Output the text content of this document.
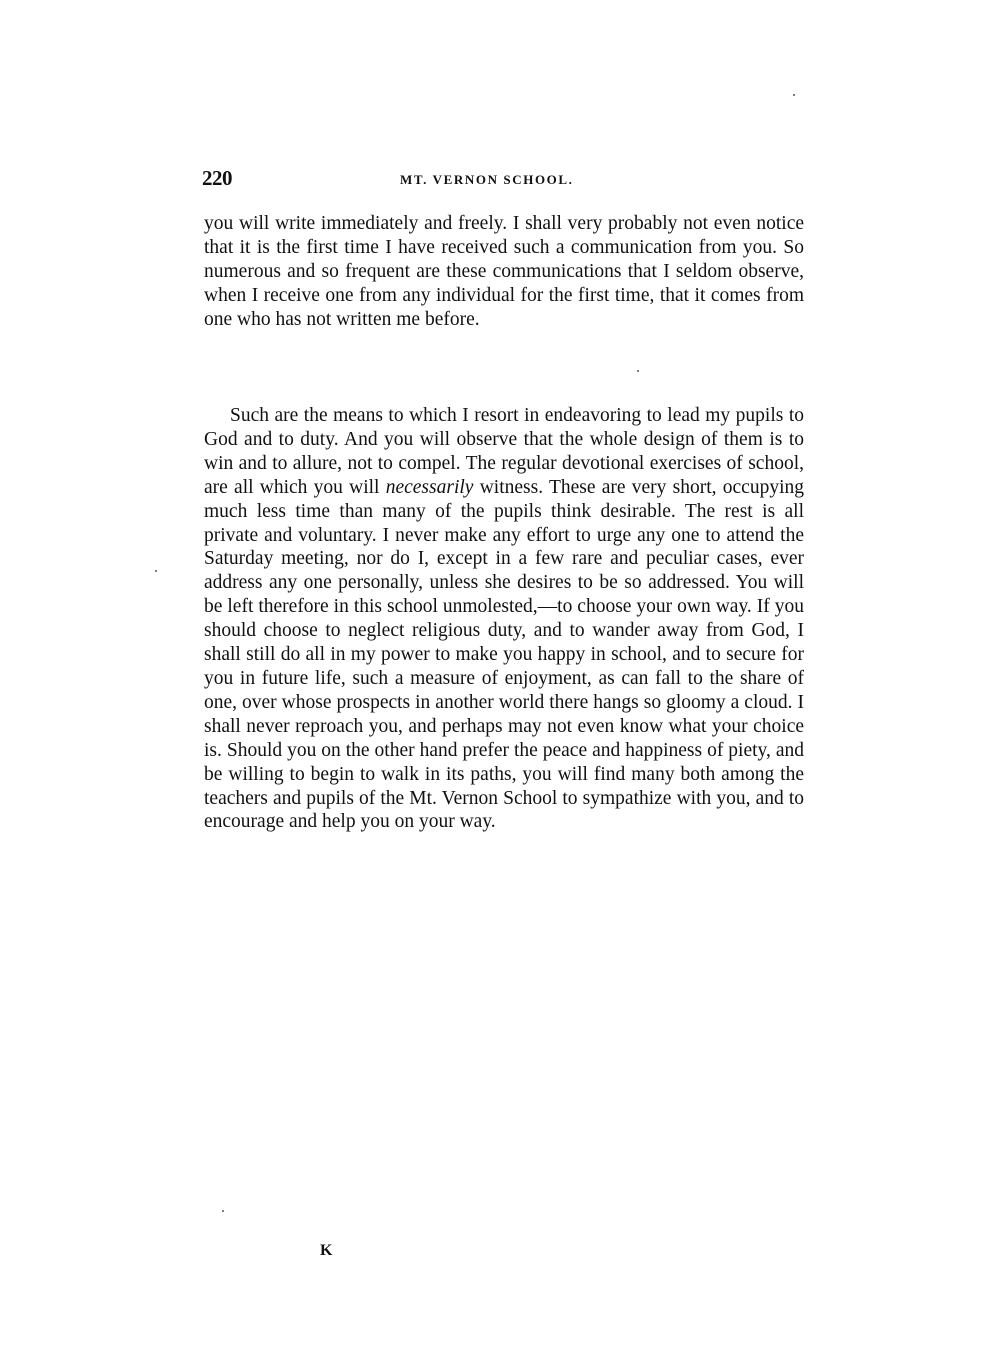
220	MT. VERNON SCHOOL.

you will write immediately and freely. I shall very probably not even notice that it is the first time I have received such a communication from you. So numerous and so frequent are these communications that I seldom observe, when I receive one from any individual for the first time, that it comes from one who has not written me before.

Such are the means to which I resort in endeavoring to lead my pupils to God and to duty. And you will observe that the whole design of them is to win and to allure, not to compel. The regular devotional exercises of school, are all which you will necessarily witness. These are very short, occupying much less time than many of the pupils think desirable. The rest is all private and voluntary. I never make any effort to urge any one to attend the Saturday meeting, nor do I, except in a few rare and peculiar cases, ever address any one personally, unless she desires to be so addressed. You will be left therefore in this school unmolested,—to choose your own way. If you should choose to neglect religious duty, and to wander away from God, I shall still do all in my power to make you happy in school, and to secure for you in future life, such a measure of enjoyment, as can fall to the share of one, over whose prospects in another world there hangs so gloomy a cloud. I shall never reproach you, and perhaps may not even know what your choice is. Should you on the other hand prefer the peace and happiness of piety, and be willing to begin to walk in its paths, you will find many both among the teachers and pupils of the Mt. Vernon School to sympathize with you, and to encourage and help you on your way.

K
